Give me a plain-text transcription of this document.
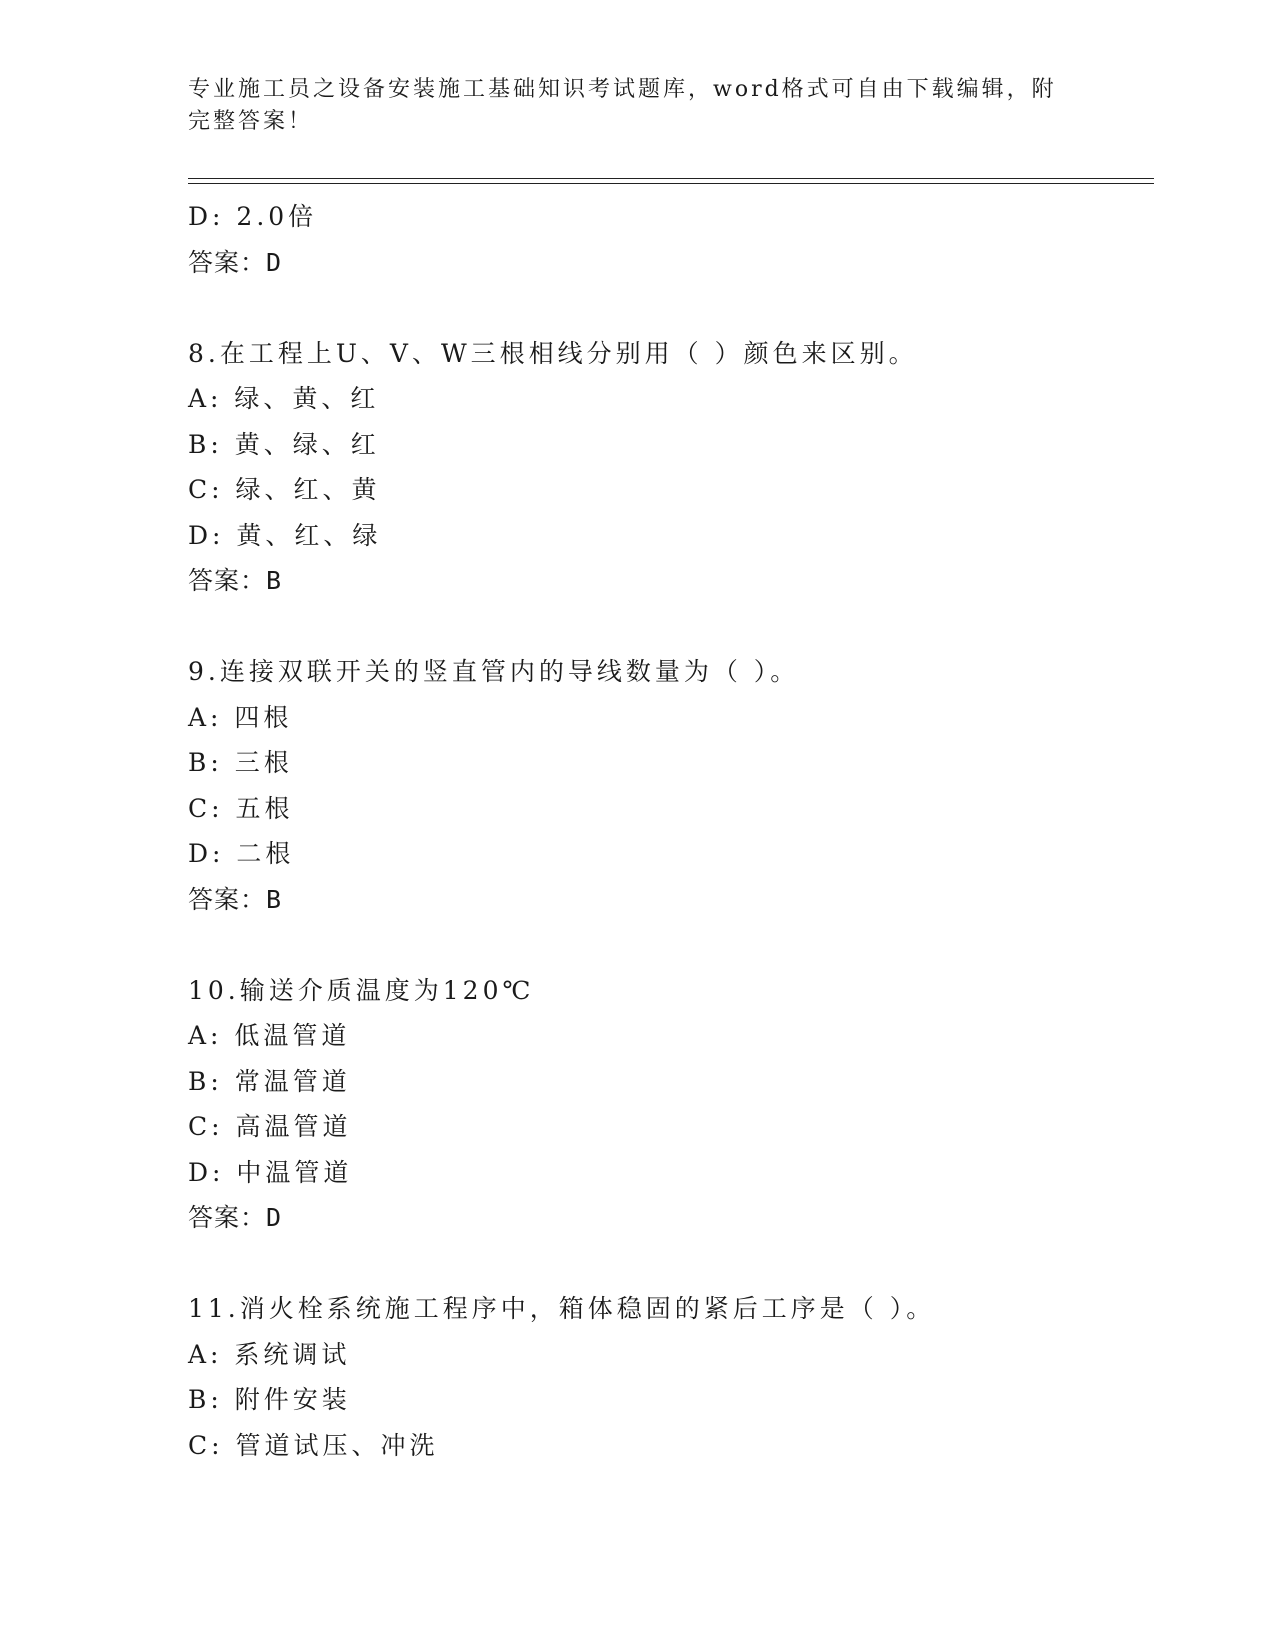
专业施工员之设备安装施工基础知识考试题库，word格式可自由下载编辑，附完整答案！
D: 2.0倍
答案：D
8.在工程上U、V、W三根相线分别用（ ）颜色来区别。
A: 绿、黄、红
B: 黄、绿、红
C: 绿、红、黄
D: 黄、红、绿
答案：B
9.连接双联开关的竖直管内的导线数量为（ ）。
A: 四根
B: 三根
C: 五根
D: 二根
答案：B
10.输送介质温度为120℃
A: 低温管道
B: 常温管道
C: 高温管道
D: 中温管道
答案：D
11.消火栓系统施工程序中，箱体稳固的紧后工序是（ ）。
A: 系统调试
B: 附件安装
C: 管道试压、冲洗
